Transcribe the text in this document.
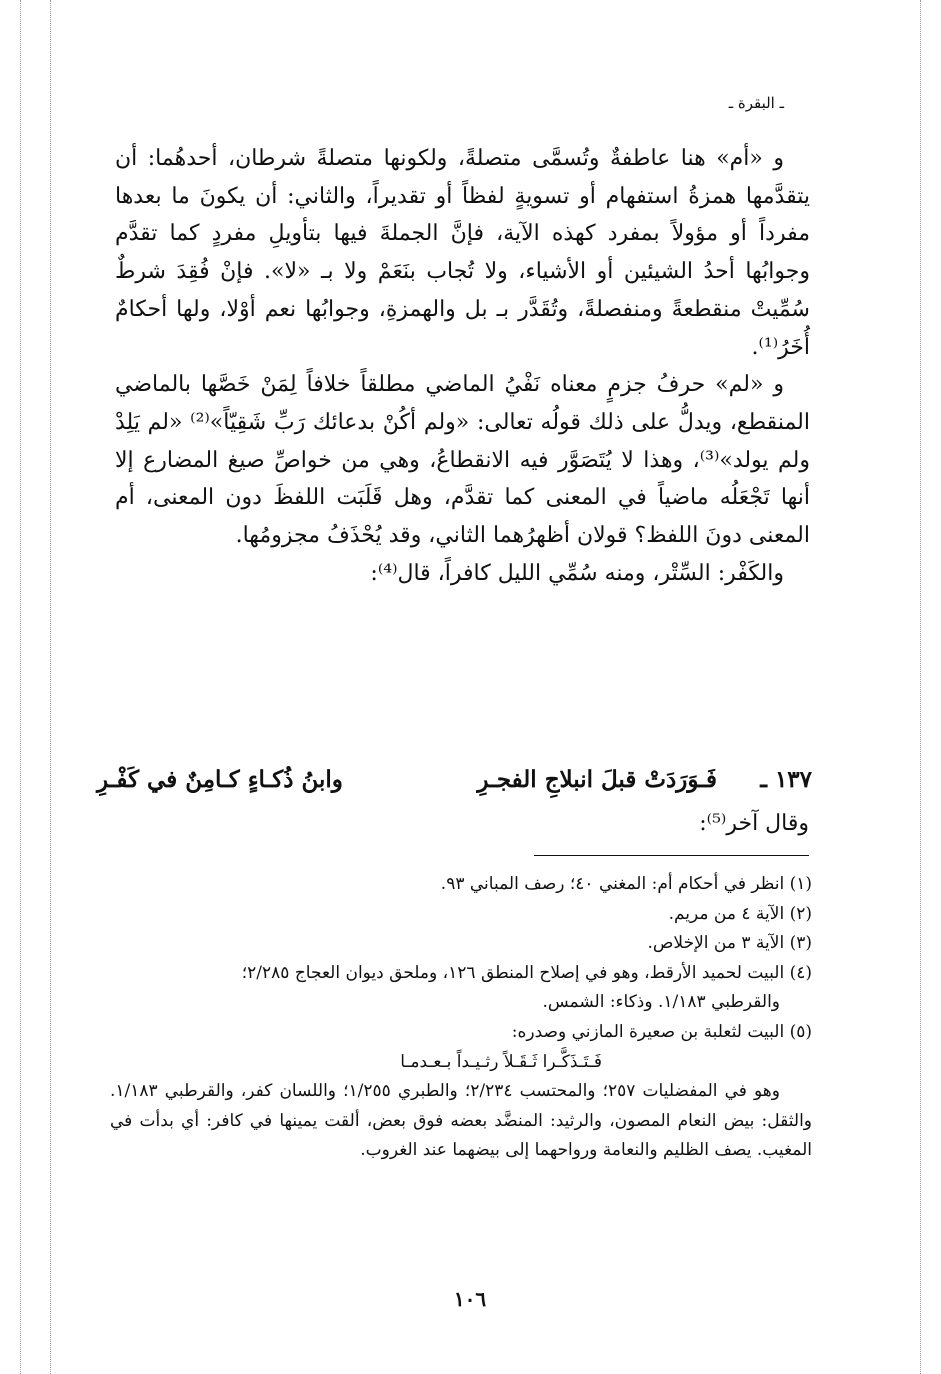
ـ البقرة ـ

و «أم» هنا عاطفةٌ وتُسمَّى متصلةً، ولكونها متصلةً شرطان، أحدهُما: أن يتقدَّمها همزةُ استفهام أو تسويةٍ لفظاً أو تقديراً، والثاني: أن يكونَ ما بعدها مفرداً أو مؤولاً بمفرد كهذه الآية، فإنَّ الجملةَ فيها بتأويلِ مفردٍ كما تقدَّم وجوابُها أحدُ الشيئين أو الأشياء، ولا تُجاب بنَعَمْ ولا بـ «لا». فإنْ فُقِدَ شرطٌ سُمِّيتْ منقطعةً ومنفصلةً، وتُقَدَّر بـ بل والهمزةِ، وجوابُها نعم أوْلا، ولها أحكامٌ أُخَرُ⁽¹⁾.

و «لم» حرفُ جزمٍ معناه نَفْيُ الماضي مطلقاً خلافاً لِمَنْ خَصَّها بالماضي المنقطع، ويدلُّ على ذلك قولُه تعالى: «ولم أكُنْ بدعائك رَبِّ شَقِيّاً»⁽²⁾ «لم يَلِدْ ولم يولد»⁽³⁾، وهذا لا يُتَصَوَّر فيه الانقطاعُ، وهي من خواصِّ صيغ المضارع إلا أنها تَجْعَلُه ماضياً في المعنى كما تقدَّم، وهل قَلَبَت اللفظَ دون المعنى، أم المعنى دونَ اللفظ؟ قولان أظهرُهما الثاني، وقد يُحْذَفُ مجزومُها.

والكَفْر: السِّتْر، ومنه سُمِّي الليل كافراً، قال⁽⁴⁾:

١٣٧ ـ
فَـوَرَدَتْ قبلَ انبلاجِ الفجـرِ
وابنُ ذُكـاءٍ كـامِنٌ في كَفْـرِ
وقال آخر⁽⁵⁾:

(١) انظر في أحكام أم: المغني ٤٠؛ رصف المباني ٩٣.

(٢) الآية ٤ من مريم.

(٣) الآية ٣ من الإخلاص.

(٤) البيت لحميد الأرقط، وهو في إصلاح المنطق ١٢٦، وملحق ديوان العجاج ٢/٢٨٥؛

والقرطبي ١/١٨٣. وذكاء: الشمس.

(٥) البيت لثعلبة بن صعيرة المازني وصدره:

فَـتَـذَكَّـرا ثَـقَـلاً رثـيـداً بـعـدمـا

وهو في المفضليات ٢٥٧؛ والمحتسب ٢/٢٣٤؛ والطبري ١/٢٥٥؛ واللسان كفر، والقرطبي ١/١٨٣. والثقل: بيض النعام المصون، والرثيد: المنضَّد بعضه فوق بعض، ألقت يمينها في كافر: أي بدأت في المغيب. يصف الظليم والنعامة ورواحهما إلى بيضهما عند الغروب.

١٠٦
